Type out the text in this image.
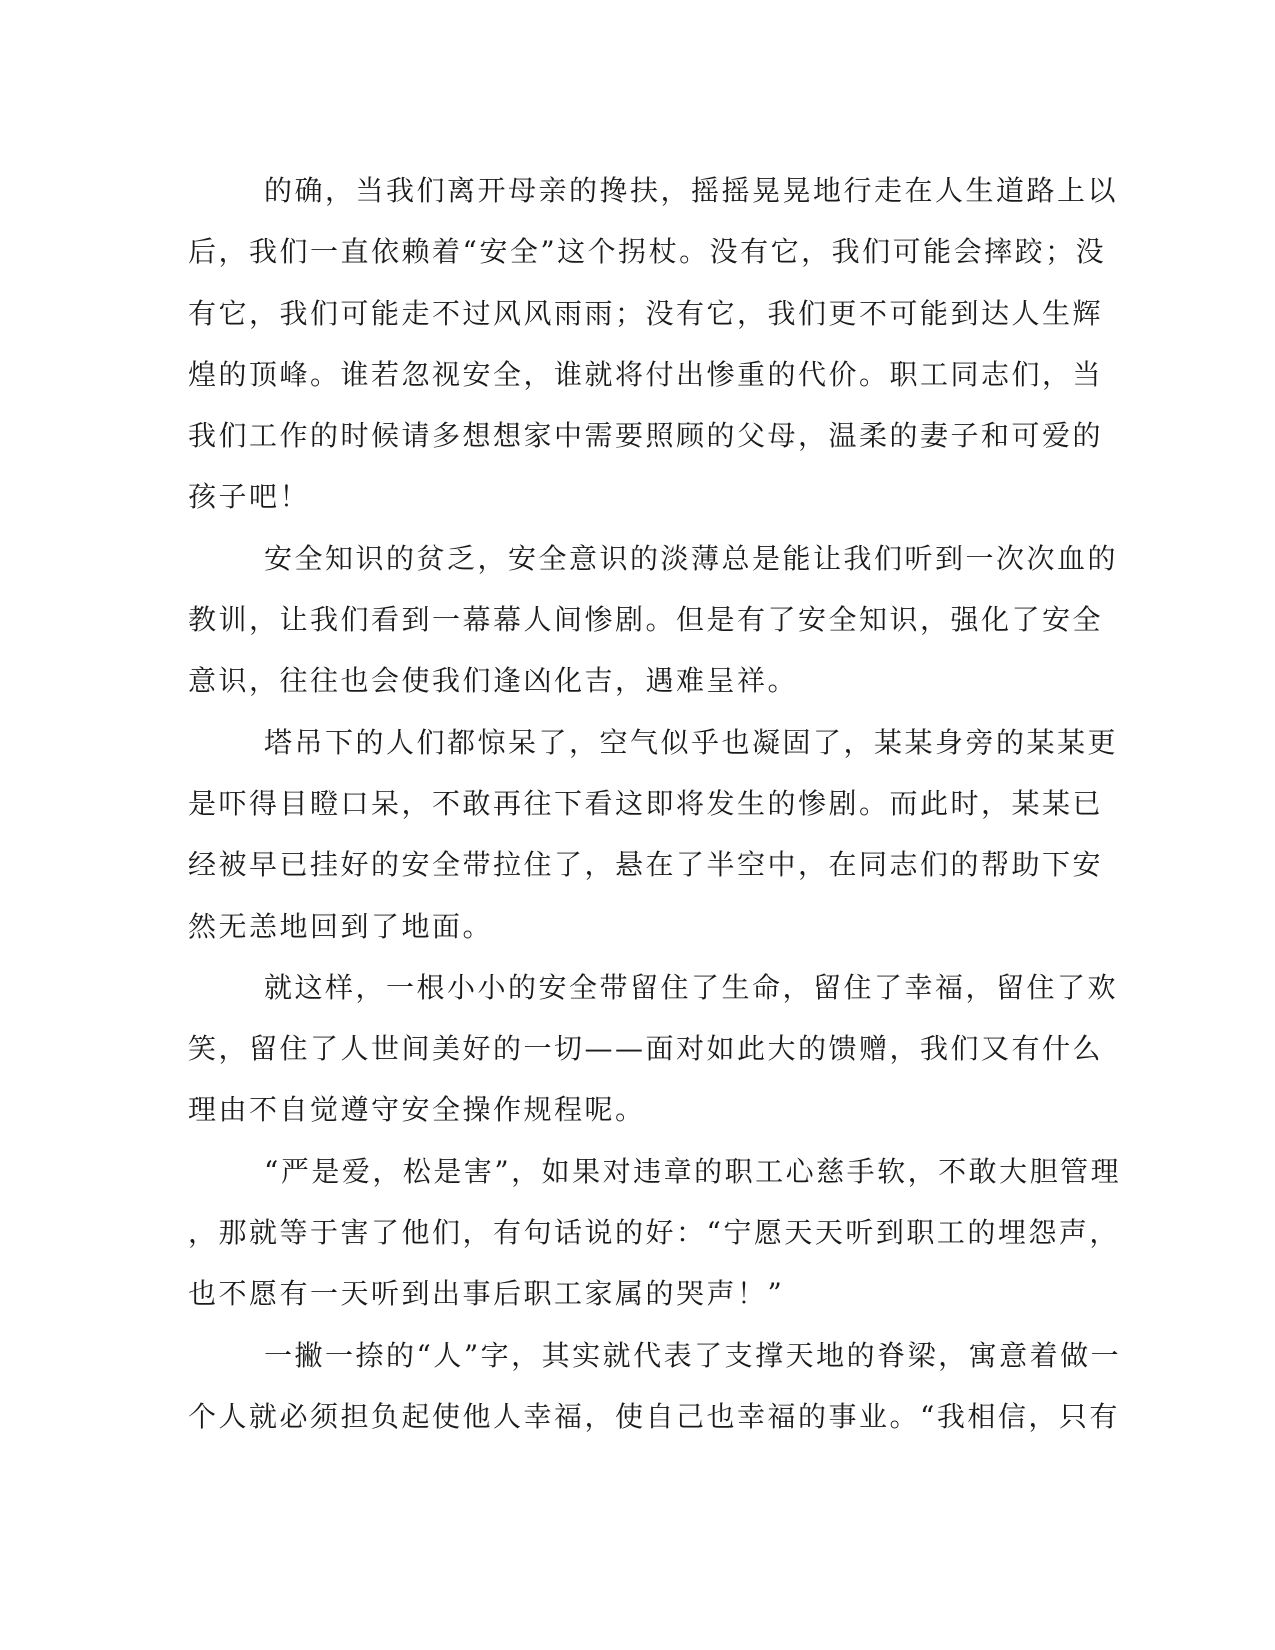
的确，当我们离开母亲的搀扶，摇摇晃晃地行走在人生道路上以
后，我们一直依赖着“安全”这个拐杖。没有它，我们可能会摔跤；没
有它，我们可能走不过风风雨雨；没有它，我们更不可能到达人生辉
煌的顶峰。谁若忽视安全，谁就将付出惨重的代价。职工同志们，当
我们工作的时候请多想想家中需要照顾的父母，温柔的妻子和可爱的
孩子吧！
安全知识的贫乏，安全意识的淡薄总是能让我们听到一次次血的
教训，让我们看到一幕幕人间惨剧。但是有了安全知识，强化了安全
意识，往往也会使我们逢凶化吉，遇难呈祥。
塔吊下的人们都惊呆了，空气似乎也凝固了，某某身旁的某某更
是吓得目瞪口呆，不敢再往下看这即将发生的惨剧。而此时，某某已
经被早已挂好的安全带拉住了，悬在了半空中，在同志们的帮助下安
然无恙地回到了地面。
就这样，一根小小的安全带留住了生命，留住了幸福，留住了欢
笑，留住了人世间美好的一切——面对如此大的馈赠，我们又有什么
理由不自觉遵守安全操作规程呢。
“严是爱，松是害”，如果对违章的职工心慈手软，不敢大胆管理
，那就等于害了他们，有句话说的好：“宁愿天天听到职工的埋怨声，
也不愿有一天听到出事后职工家属的哭声！”
一撇一捺的“人”字，其实就代表了支撑天地的脊梁，寓意着做一
个人就必须担负起使他人幸福，使自己也幸福的事业。“我相信，只有
